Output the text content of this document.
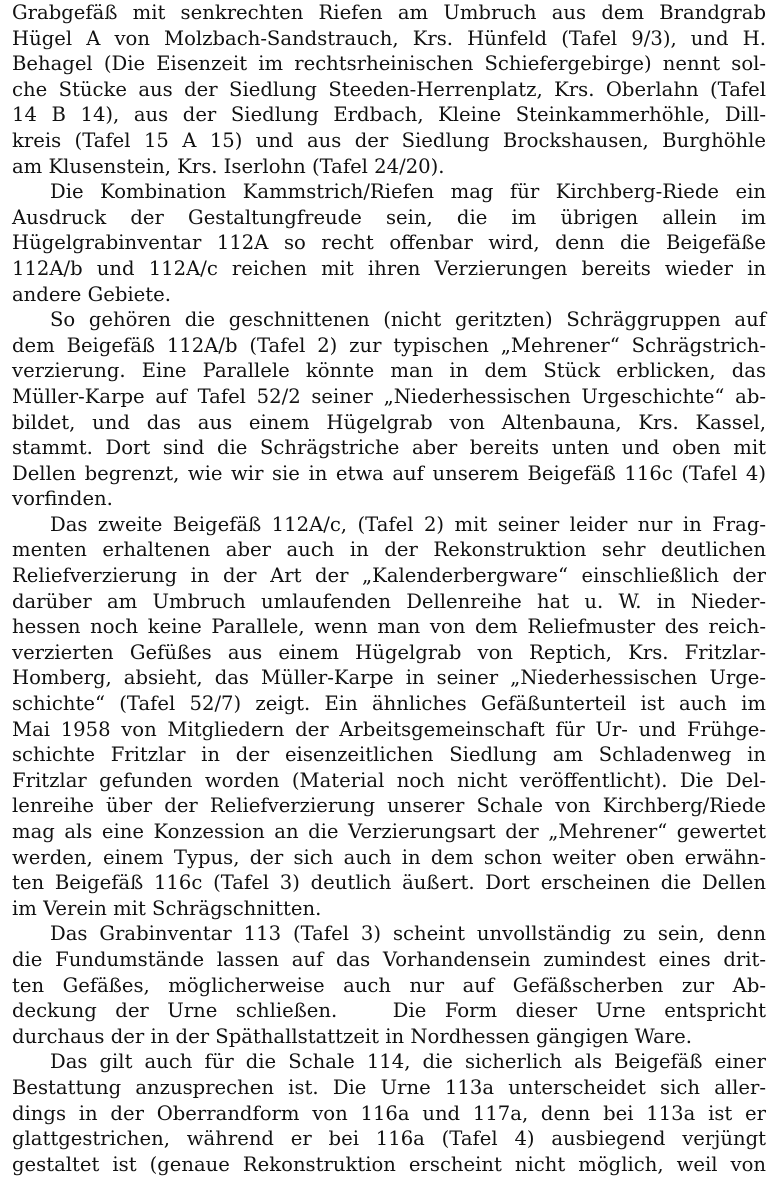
Grabgefäß mit senkrechten Riefen am Umbruch aus dem Brandgrab
Hügel A von Molzbach-Sandstrauch, Krs. Hünfeld (Tafel 9/3), und H.
Behagel (Die Eisenzeit im rechtsrheinischen Schiefergebirge) nennt sol-
che Stücke aus der Siedlung Steeden-Herrenplatz, Krs. Oberlahn (Tafel
14 B 14), aus der Siedlung Erdbach, Kleine Steinkammerhöhle, Dill-
kreis (Tafel 15 A 15) und aus der Siedlung Brockshausen, Burghöhle
am Klusenstein, Krs. Iserlohn (Tafel 24/20).
Die Kombination Kammstrich/Riefen mag für Kirchberg-Riede ein
Ausdruck der Gestaltungfreude sein, die im übrigen allein im
Hügelgrabinventar 112A so recht offenbar wird, denn die Beigefäße
112A/b und 112A/c reichen mit ihren Verzierungen bereits wieder in
andere Gebiete.
So gehören die geschnittenen (nicht geritzten) Schräggruppen auf
dem Beigefäß 112A/b (Tafel 2) zur typischen „Mehrener“ Schrägstrich-
verzierung. Eine Parallele könnte man in dem Stück erblicken, das
Müller-Karpe auf Tafel 52/2 seiner „Niederhessischen Urgeschichte“ ab-
bildet, und das aus einem Hügelgrab von Altenbauna, Krs. Kassel,
stammt. Dort sind die Schrägstriche aber bereits unten und oben mit
Dellen begrenzt, wie wir sie in etwa auf unserem Beigefäß 116c (Tafel 4)
vorfinden.
Das zweite Beigefäß 112A/c, (Tafel 2) mit seiner leider nur in Frag-
menten erhaltenen aber auch in der Rekonstruktion sehr deutlichen
Reliefverzierung in der Art der „Kalenderbergware“ einschließlich der
darüber am Umbruch umlaufenden Dellenreihe hat u. W. in Nieder-
hessen noch keine Parallele, wenn man von dem Reliefmuster des reich-
verzierten Gefüßes aus einem Hügelgrab von Reptich, Krs. Fritzlar-
Homberg, absieht, das Müller-Karpe in seiner „Niederhessischen Urge-
schichte“ (Tafel 52/7) zeigt. Ein ähnliches Gefäßunterteil ist auch im
Mai 1958 von Mitgliedern der Arbeitsgemeinschaft für Ur- und Frühge-
schichte Fritzlar in der eisenzeitlichen Siedlung am Schladenweg in
Fritzlar gefunden worden (Material noch nicht veröffentlicht). Die Del-
lenreihe über der Reliefverzierung unserer Schale von Kirchberg/Riede
mag als eine Konzession an die Verzierungsart der „Mehrener“ gewertet
werden, einem Typus, der sich auch in dem schon weiter oben erwähn-
ten Beigefäß 116c (Tafel 3) deutlich äußert. Dort erscheinen die Dellen
im Verein mit Schrägschnitten.
Das Grabinventar 113 (Tafel 3) scheint unvollständig zu sein, denn
die Fundumstände lassen auf das Vorhandensein zumindest eines drit-
ten Gefäßes, möglicherweise auch nur auf Gefäßscherben zur Ab-
deckung der Urne schließen.   Die Form dieser Urne entspricht
durchaus der in der Späthallstattzeit in Nordhessen gängigen Ware.
Das gilt auch für die Schale 114, die sicherlich als Beigefäß einer
Bestattung anzusprechen ist. Die Urne 113a unterscheidet sich aller-
dings in der Oberrandform von 116a und 117a, denn bei 113a ist er
glattgestrichen, während er bei 116a (Tafel 4) ausbiegend verjüngt
gestaltet ist (genaue Rekonstruktion erscheint nicht möglich, weil von
